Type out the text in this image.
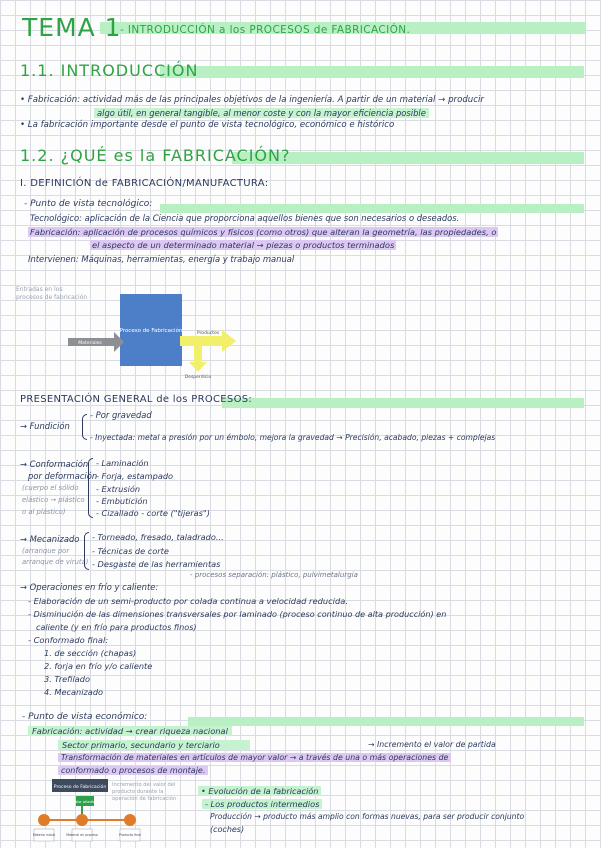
TEMA 1
- INTRODUCCIÓN a los PROCESOS de FABRICACIÓN.
1.1. INTRODUCCIÓN
• Fabricación: actividad más de las principales objetivos de la ingeniería. A partir de un material → producir
algo útil, en general tangible, al menor coste y con la mayor eficiencia posible
• La fabricación importante desde el punto de vista tecnológico, económico e histórico
1.2. ¿QUÉ es la FABRICACIÓN?
I. DEFINICIÓN de FABRICACIÓN/MANUFACTURA:
- Punto de vista tecnológico:
Tecnológico: aplicación de la Ciencia que proporciona aquellos bienes que son necesarios o deseados.
Fabricación: aplicación de procesos químicos y físicos (como otros) que alteran la geometría, las propiedades, o
el aspecto de un determinado material → piezas o productos terminados
Intervienen: Máquinas, herramientas, energía y trabajo manual
Entradas en los procesos de fabricación
Proceso de Fabricación
Materiales
Productos
Desperdicio
PRESENTACIÓN GENERAL de los PROCESOS:
→ Fundición
- Por gravedad
- Inyectada: metal a presión por un émbolo, mejora la gravedad → Precisión, acabado, piezas + complejas
→ Conformación
por deformación
(cuerpo el sólido
elástico → plástico
o al plástico)
- Laminación
- Forja, estampado
- Extrusión
- Embutición
- Cizallado - corte ("tijeras")
→ Mecanizado
(arranque por
arranque de viruta)
- Torneado, fresado, taladrado...
- Técnicas de corte
- Desgaste de las herramientas
- procesos separación: plástico, pulvimetalurgia
→ Operaciones en frío y caliente:
- Elaboración de un semi-producto por colada continua a velocidad reducida.
- Disminución de las dimensiones transversales por laminado (proceso continuo de alta producción) en
caliente (y en frío para productos finos)
- Conformado final:
1. de sección (chapas)
2. forja en frío y/o caliente
3. Trefilado
4. Mecanizado
- Punto de vista económico:
Fabricación: actividad → crear riqueza nacional
Sector primario, secundario y terciario	→ Incremento el valor de partida
Transformación de materiales en artículos de mayor valor → a través de una o más operaciones de
conformado o procesos de montaje.
Proceso de Fabricación
Valor añadido
Materia inicial	Material en proceso	Producto final
Incremento del valor del producto durante la operación de fabricación
• Evolución de la fabricación
- Los productos intermedios
Producción → producto más amplio con formas nuevas, para ser producir conjunto
(coches)
